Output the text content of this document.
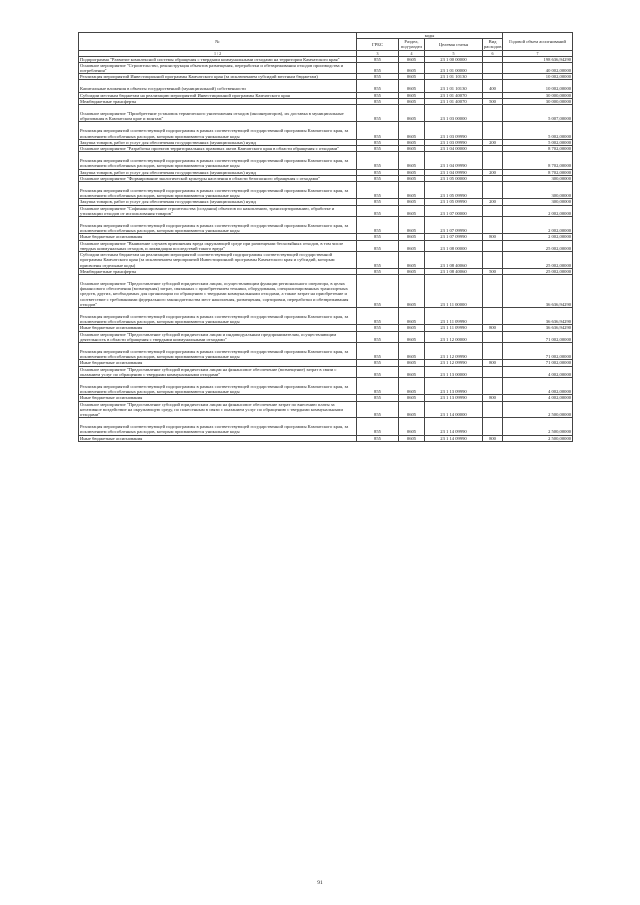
№	коды				Годовой объем ассигнований
	ГРБС	Раздел, под-раздел	Целевая статья	Вид расходов	
1 / 2	3	4	5	6	7
Подпрограмма "Развитие комплексной системы обращения с твердыми коммунальными отходами на территории Камчатского края"	855	0605	23 1 00 00000		198 636,94290
Основное мероприятие "Строительство, реконструкция объектов размещения, переработки и обезвреживания отходов производства и потребления"	855	0605	23 1 01 00000		40 002,00000
Реализация мероприятий Инвестиционной программы Камчатского края (за исключением субсидий местным бюджетам)	855	0605	23 1 01 10130		10 002,00000

Капитальные вложения в объекты государственной (муниципальной) собственности	855	0605	23 1 01 10130	400	10 002,00000
Субсидии местным бюджетам на реализацию мероприятий Инвестиционной программы Камчатского края	855	0605	23 1 01 40070		30 000,00000
Межбюджетные трансферты	855	0605	23 1 01 40070	500	30 000,00000

Основное мероприятие "Приобретение установок термического уничтожения отходов (инсинераторов), их доставка в муниципальные образования в Камчатском крае и монтаж"	855	0605	23 1 03 00000		5 007,00000

Реализация мероприятий соответствующей подпрограммы в рамках соответствующей государственной программы Камчатского края, за исключением обособленных расходов, которым присваиваются уникальные коды	855	0605	23 1 03 09990		5 002,00000
Закупка товаров, работ и услуг для обеспечения государственных (муниципальных) нужд	855	0605	23 1 03 09990	200	5 002,00000
Основное мероприятие "Разработка проектов территориальных правовых актов Камчатского края в области обращения с отходами"	855	0605	23 1 04 00000		8 702,00000

Реализация мероприятий соответствующей подпрограммы в рамках соответствующей государственной программы Камчатского края, за исключением обособленных расходов, которым присваиваются уникальные коды	855	0605	23 1 04 09990		8 702,00000
Закупка товаров, работ и услуг для обеспечения государственных (муниципальных) нужд	855	0605	23 1 04 09990	200	8 702,00000
Основное мероприятие "Формирование экологической культуры населения в области безопасного обращения с отходами"	855	0605	23 1 05 00000		300,00000

Реализация мероприятий соответствующей подпрограммы в рамках соответствующей государственной программы Камчатского края, за исключением обособленных расходов, которым присваиваются уникальные коды	855	0605	23 1 05 09990		300,00000
Закупка товаров, работ и услуг для обеспечения государственных (муниципальных) нужд	855	0605	23 1 05 09990	200	300,00000
Основное мероприятие "Софинансирование строительства (создания) объектов по накоплению, транспортированию, обработке и утилизации отходов от использования товаров"	855	0605	23 1 07 00000		2 002,00000

Реализация мероприятий соответствующей подпрограммы в рамках соответствующей государственной программы Камчатского края, за исключением обособленных расходов, которым присваиваются уникальные коды	855	0605	23 1 07 09990		2 002,00000
Иные бюджетные ассигнования	855	0605	23 1 07 09990	800	2 002,00000
Основное мероприятие "Выявление случаев причинения вреда окружающей среде при размещении бесхозяйных отходов, в том числе твердых коммунальных отходов, и ликвидация последствий такого вреда"	855	0605	23 1 08 00000		25 002,00000
Субсидии местным бюджетам на реализацию мероприятий соответствующей подпрограммы соответствующей государственной программы Камчатского края (за исключением мероприятий Инвестиционной программы Камчатского края и субсидий, которым присвоены отдельные коды)	855	0605	23 1 08 40060		25 002,00000
Межбюджетные трансферты	855	0605	23 1 08 40060	500	25 002,00000

Основное мероприятие "Предоставление субсидий юридическим лицам, осуществляющим функции регионального оператора, в целях финансового обеспечения (возмещения) затрат, связанных с приобретением техники, оборудования, специализированных транспортных средств, других, необходимых для организации по обращению с твердыми коммунальными отходами, а также затрат на приобретение и соответствие с требованиями федерального законодательства мест накопления, размещения, сортировки, переработки и обезвреживания отходов"	855	0605	23 1 11 00000		36 636,94290

Реализация мероприятий соответствующей подпрограммы в рамках соответствующей государственной программы Камчатского края, за исключением обособленных расходов, которым присваиваются уникальные коды	855	0605	23 1 11 09990		36 636,94290
Иные бюджетные ассигнования	855	0605	23 1 11 09990	800	36 636,94290
Основное мероприятие "Предоставление субсидий юридическим лицам и индивидуальным предпринимателям, осуществляющим деятельность в области обращения с твердыми коммунальными отходами"	855	0605	23 1 12 00000		71 002,00000

Реализация мероприятий соответствующей подпрограммы в рамках соответствующей государственной программы Камчатского края, за исключением обособленных расходов, которым присваиваются уникальные коды	855	0605	23 1 12 09990		71 002,00000
Иные бюджетные ассигнования	855	0605	23 1 12 09990	800	71 002,00000
Основное мероприятие "Предоставление субсидий юридическим лицам на финансовое обеспечение (возмещение) затрат в связи с оказанием услуг по обращению с твердыми коммунальными отходами"	855	0605	23 1 13 00000		4 002,00000

Реализация мероприятий соответствующей подпрограммы в рамках соответствующей государственной программы Камчатского края, за исключением обособленных расходов, которым присваиваются уникальные коды	855	0605	23 1 13 09990		4 002,00000
Иные бюджетные ассигнования	855	0605	23 1 13 09990	800	4 002,00000
Основное мероприятие "Предоставление субсидий юридическим лицам на финансовое обеспечение затрат по внесению платы за негативное воздействие на окружающую среду, по понесенным в связи с оказанием услуг по обращению с твердыми коммунальными отходами"	855	0605	23 1 14 00000		2 500,00000

Реализация мероприятий соответствующей подпрограммы в рамках соответствующей государственной программы Камчатского края, за исключением обособленных расходов, которым присваиваются уникальные коды	855	0605	23 1 14 09990		2 500,00000
Иные бюджетные ассигнования	855	0605	23 1 14 09990	800	2 500,00000
91
